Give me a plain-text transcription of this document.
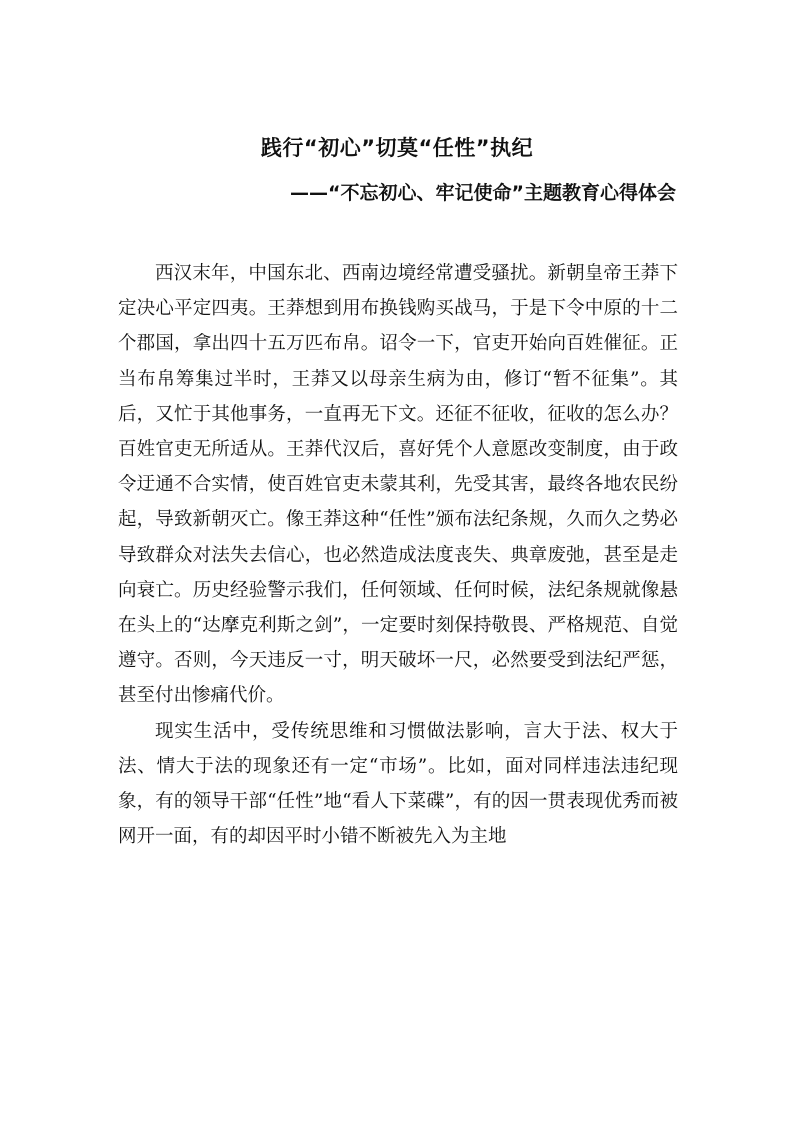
践行“初心”切莫“任性”执纪
——“不忘初心、牢记使命”主题教育心得体会

西汉末年，中国东北、西南边境经常遭受骚扰。新朝皇帝王莽下定决心平定四夷。王莽想到用布换钱购买战马，于是下令中原的十二个郡国，拿出四十五万匹布帛。诏令一下，官吏开始向百姓催征。正当布帛筹集过半时，王莽又以母亲生病为由，修订“暂不征集”。其后，又忙于其他事务，一直再无下文。还征不征收，征收的怎么办？百姓官吏无所适从。王莽代汉后，喜好凭个人意愿改变制度，由于政令迂通不合实情，使百姓官吏未蒙其利，先受其害，最终各地农民纷起，导致新朝灭亡。像王莽这种“任性”颁布法纪条规，久而久之势必导致群众对法失去信心，也必然造成法度丧失、典章废弛，甚至是走向衰亡。历史经验警示我们，任何领域、任何时候，法纪条规就像悬在头上的“达摩克利斯之剑”，一定要时刻保持敬畏、严格规范、自觉遵守。否则，今天违反一寸，明天破坏一尺，必然要受到法纪严惩，甚至付出惨痛代价。

现实生活中，受传统思维和习惯做法影响，言大于法、权大于法、情大于法的现象还有一定“市场”。比如，面对同样违法违纪现象，有的领导干部“任性”地“看人下菜碟”，有的因一贯表现优秀而被网开一面，有的却因平时小错不断被先入为主地
